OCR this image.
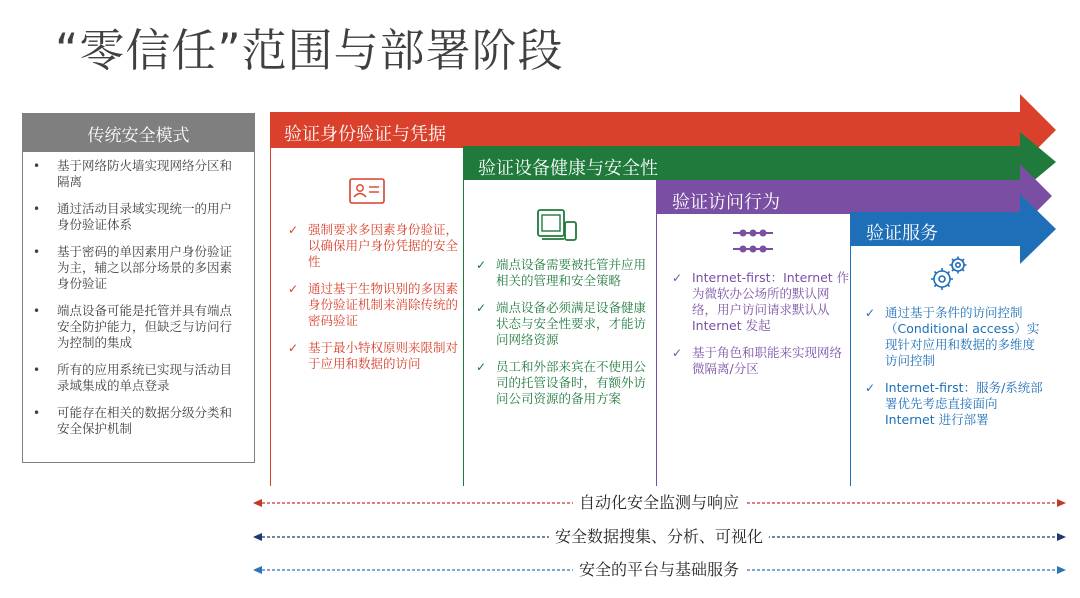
“零信任”范围与部署阶段
传统安全模式
• 基于网络防火墙实现网络分区和隔离
• 通过活动目录域实现统一的用户身份验证体系
• 基于密码的单因素用户身份验证为主，辅之以部分场景的多因素身份验证
• 端点设备可能是托管并具有端点安全防护能力，但缺乏与访问行为控制的集成
• 所有的应用系统已实现与活动目录域集成的单点登录
• 可能存在相关的数据分级分类和安全保护机制
验证身份验证与凭据
验证设备健康与安全性
验证访问行为
验证服务
✓ 强制要求多因素身份验证，以确保用户身份凭据的安全性
✓ 通过基于生物识别的多因素身份验证机制来消除传统的密码验证
✓ 基于最小特权原则来限制对于应用和数据的访问
✓ 端点设备需要被托管并应用相关的管理和安全策略
✓ 端点设备必须满足设备健康状态与安全性要求，才能访问网络资源
✓ 员工和外部来宾在不使用公司的托管设备时，有额外访问公司资源的备用方案
✓ Internet-first：Internet 作为微软办公场所的默认网络，用户访问请求默认从 Internet 发起
✓ 基于角色和职能来实现网络微隔离/分区
✓ 通过基于条件的访问控制（Conditional access）实现针对应用和数据的多维度访问控制
✓ Internet-first：服务/系统部署优先考虑直接面向 Internet 进行部署
自动化安全监测与响应
安全数据搜集、分析、可视化
安全的平台与基础服务
